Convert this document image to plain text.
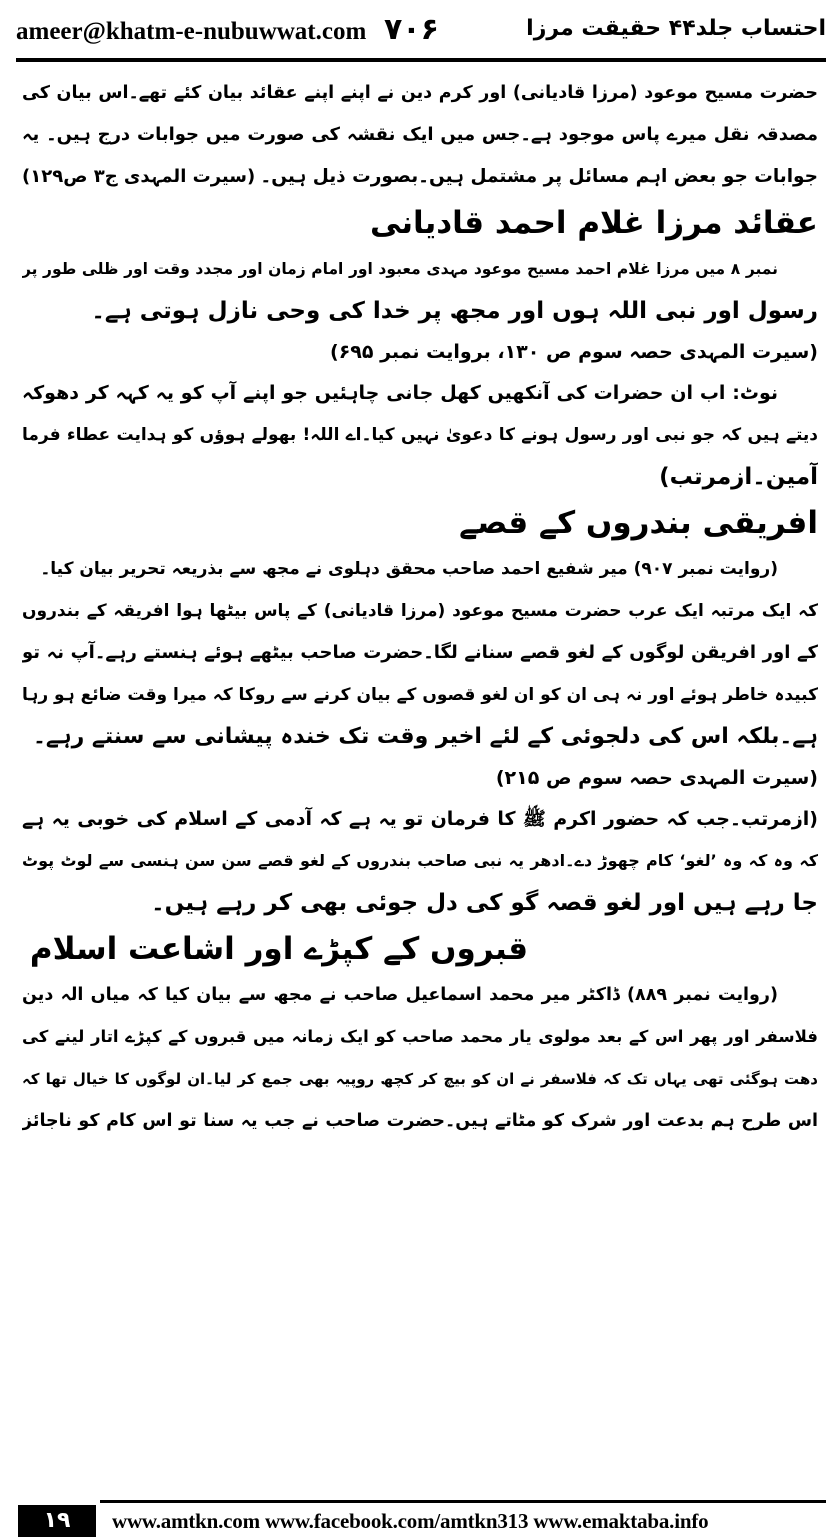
ameer@khatm-e-nubuwwat.com ۷۰۶	احتساب جلد۴۴ حقیقت مرزا
حضرت مسیح موعود (مرزا قادیانی) اور کرم دین نے اپنے اپنے عقائد بیان کئے تھے۔اس بیان کی
مصدقہ نقل میرے پاس موجود ہے۔جس میں ایک نقشہ کی صورت میں جوابات درج ہیں۔ یہ
جوابات جو بعض اہم مسائل پر مشتمل ہیں۔بصورت ذیل ہیں۔
(سیرت المہدی ج۳ ص۱۲۹)
عقائد مرزا غلام احمد قادیانی
نمبر ۸ میں مرزا غلام احمد مسیح موعود مہدی معبود اور امام زمان اور مجدد وقت اور ظلی طور پر
رسول اور نبی اللہ ہوں اور مجھ پر خدا کی وحی نازل ہوتی ہے۔
(سیرت المہدی حصہ سوم ص ۱۳۰، بروایت نمبر ۶۹۵)
نوٹ: اب ان حضرات کی آنکھیں کھل جانی چاہئیں جو اپنے آپ کو یہ کہہ کر دھوکہ
دیتے ہیں کہ جو نبی اور رسول ہونے کا دعویٰ نہیں کیا۔اے اللہ! بھولے ہوؤں کو ہدایت عطاء فرما
آمین۔ازمرتب)
افریقی بندروں کے قصے
(روایت نمبر ۹۰۷) میر شفیع احمد صاحب محقق دہلوی نے مجھ سے بذریعہ تحریر بیان کیا۔
کہ ایک مرتبہ ایک عرب حضرت مسیح موعود (مرزا قادیانی) کے پاس بیٹھا ہوا افریقہ کے بندروں
کے اور افریقن لوگوں کے لغو قصے سنانے لگا۔حضرت صاحب بیٹھے ہوئے ہنستے رہے۔آپ نہ تو
کبیدہ خاطر ہوئے اور نہ ہی ان کو ان لغو قصوں کے بیان کرنے سے روکا کہ میرا وقت ضائع ہو رہا
ہے۔بلکہ اس کی دلجوئی کے لئے اخیر وقت تک خندہ پیشانی سے سنتے رہے۔
(سیرت المہدی حصہ سوم ص ۲۱۵)
(ازمرتب۔جب کہ حضور اکرم ﷺ کا فرمان تو یہ ہے کہ آدمی کے اسلام کی خوبی یہ ہے
کہ وہ کہ وہ ’لغو‘ کام چھوڑ دے۔ادھر یہ نبی صاحب بندروں کے لغو قصے سن سن ہنسی سے لوٹ پوٹ
جا رہے ہیں اور لغو قصہ گو کی دل جوئی بھی کر رہے ہیں۔
قبروں کے کپڑے اور اشاعت اسلام
(روایت نمبر ۸۸۹) ڈاکٹر میر محمد اسماعیل صاحب نے مجھ سے بیان کیا کہ میاں الہ دین
فلاسفر اور پھر اس کے بعد مولوی یار محمد صاحب کو ایک زمانہ میں قبروں کے کپڑے اتار لینے کی
دھت ہوگئی تھی یہاں تک کہ فلاسفر نے ان کو بیچ کر کچھ روپیہ بھی جمع کر لیا۔ان لوگوں کا خیال تھا کہ
اس طرح ہم بدعت اور شرک کو مٹاتے ہیں۔حضرت صاحب نے جب یہ سنا تو اس کام کو ناجائز
۱۹	www.amtkn.com www.facebook.com/amtkn313 www.emaktaba.info
